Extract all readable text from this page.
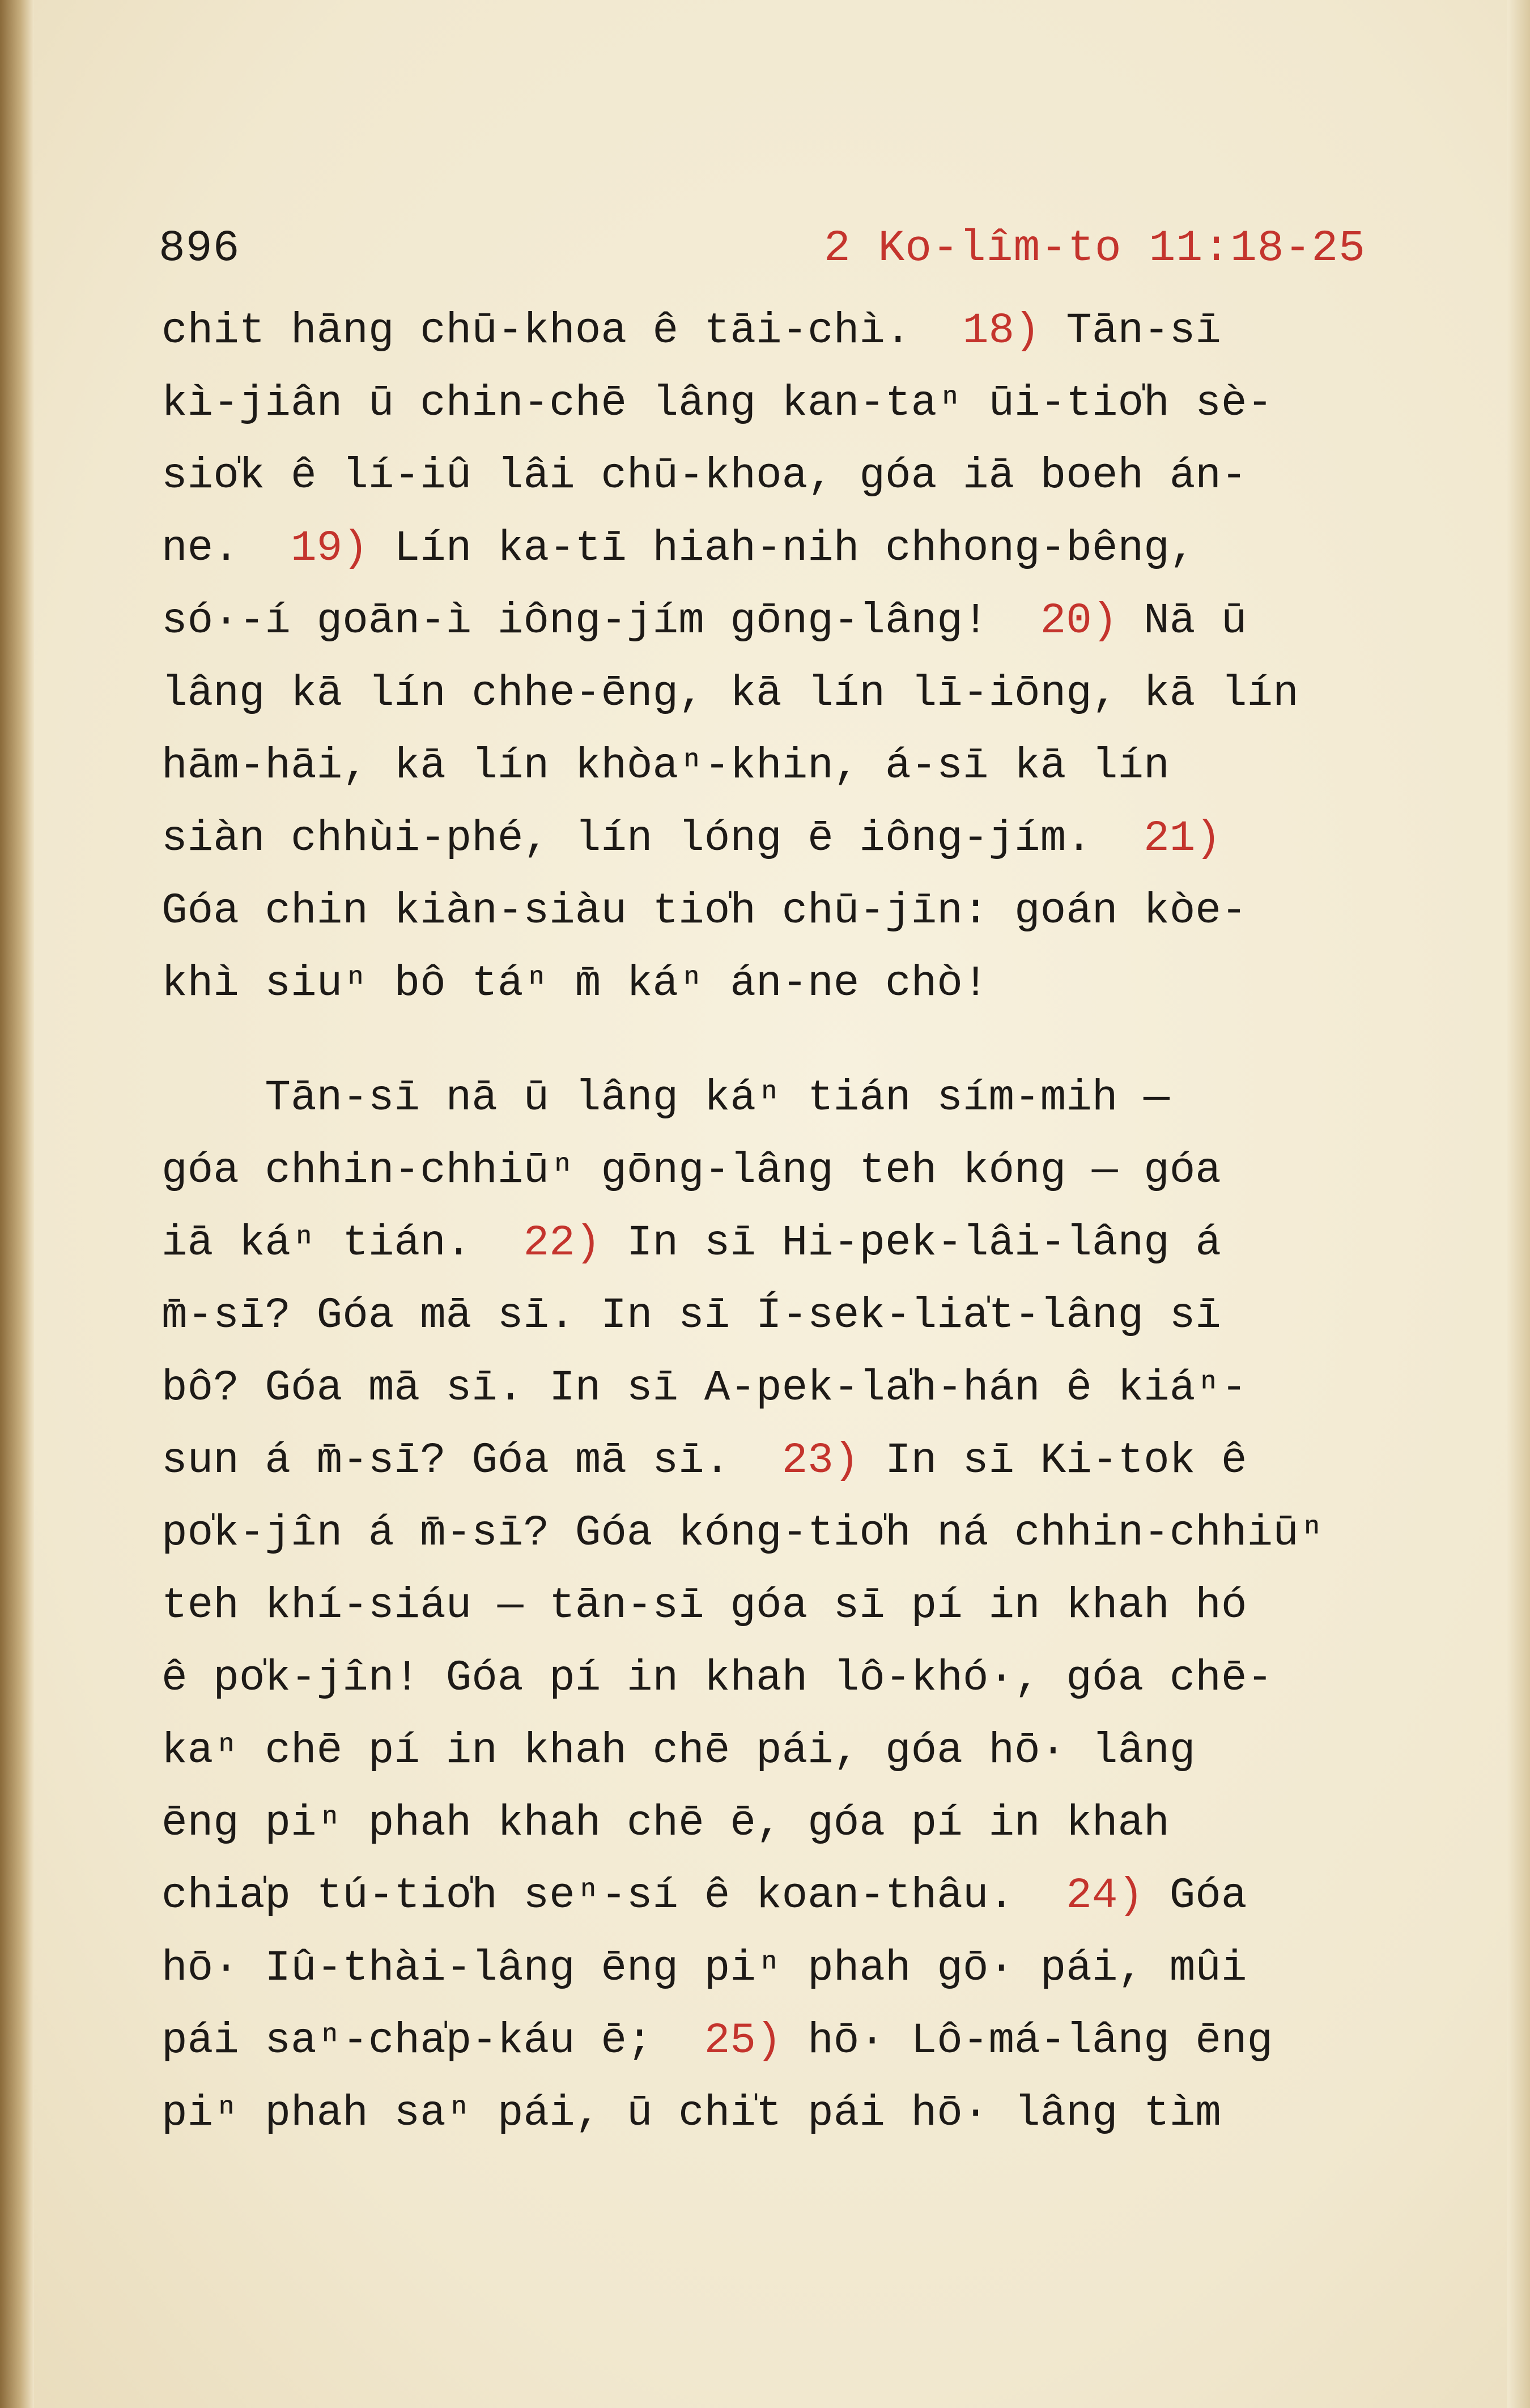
896	2 Ko-lîm-to 11:18-25
chit hāng chū-khoa ê tāi-chì.  18) Tān-sī
kì-jiân ū chin-chē lâng kan-taⁿ ūi-tio̍h sè-
sio̍k ê lí-iû lâi chū-khoa, góa iā boeh án-
ne.  19) Lín ka-tī hiah-nih chhong-bêng,
só·-í goān-ì iông-jím gōng-lâng!  20) Nā ū
lâng kā lín chhe-ēng, kā lín lī-iōng, kā lín
hām-hāi, kā lín khòaⁿ-khin, á-sī kā lín
siàn chhùi-phé, lín lóng ē iông-jím.  21)
Góa chin kiàn-siàu tio̍h chū-jīn: goán kòe-
khì siuⁿ bô táⁿ m̄ káⁿ án-ne chò!
Tān-sī nā ū lâng káⁿ tián sím-mih —
góa chhin-chhiūⁿ gōng-lâng teh kóng — góa
iā káⁿ tián.  22) In sī Hi-pek-lâi-lâng á
m̄-sī? Góa mā sī. In sī Í-sek-lia̍t-lâng sī
bô? Góa mā sī. In sī A-pek-la̍h-hán ê kiáⁿ-
sun á m̄-sī? Góa mā sī.  23) In sī Ki-tok ê
po̍k-jîn á m̄-sī? Góa kóng-tio̍h ná chhin-chhiūⁿ
teh khí-siáu — tān-sī góa sī pí in khah hó
ê po̍k-jîn! Góa pí in khah lô-khó·, góa chē-
kaⁿ chē pí in khah chē pái, góa hō· lâng
ēng piⁿ phah khah chē ē, góa pí in khah
chia̍p tú-tio̍h seⁿ-sí ê koan-thâu.  24) Góa
hō· Iû-thài-lâng ēng piⁿ phah gō· pái, mûi
pái saⁿ-cha̍p-káu ē;  25) hō· Lô-má-lâng ēng
piⁿ phah saⁿ pái, ū chi̍t pái hō· lâng tìm
